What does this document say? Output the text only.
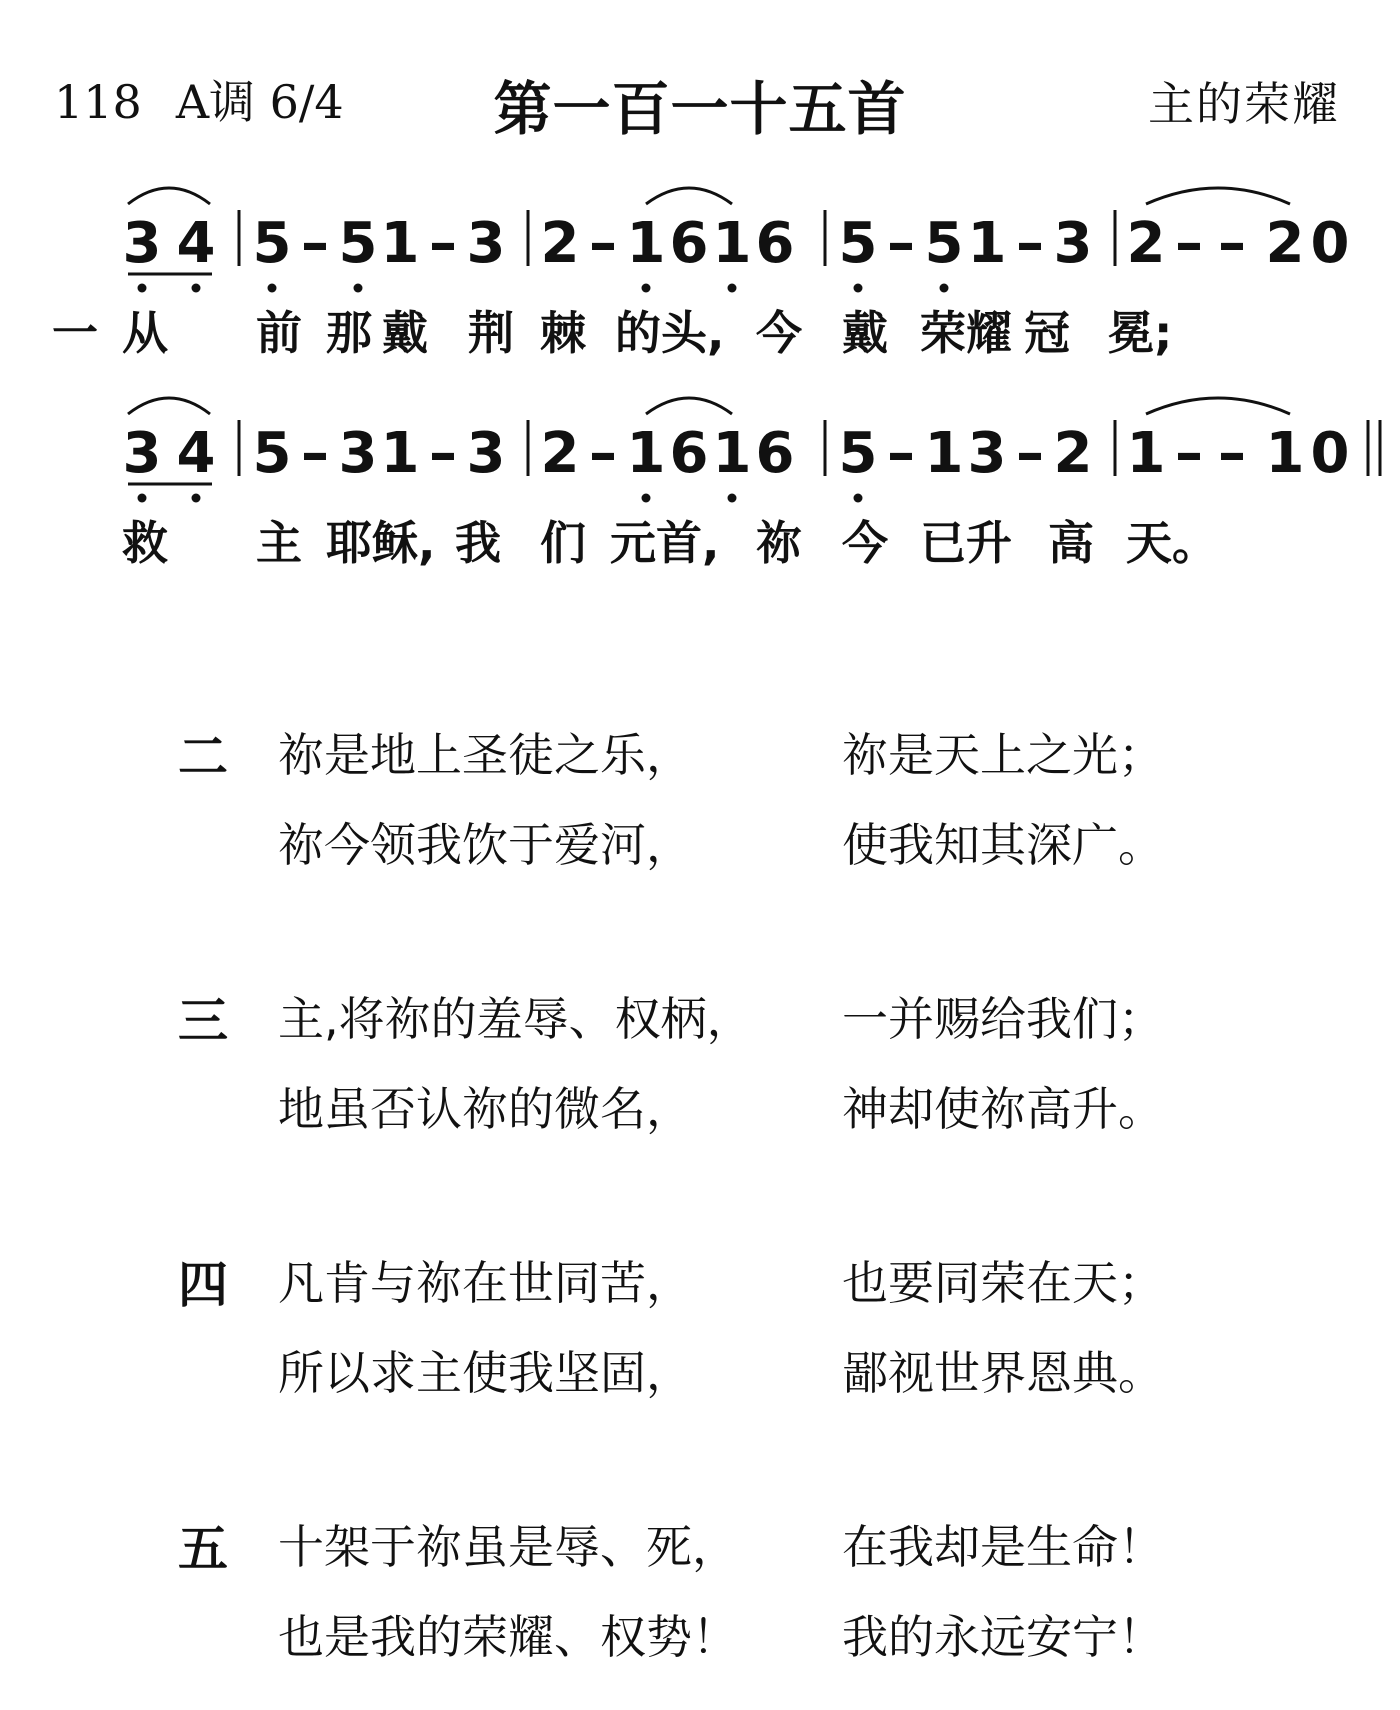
118 A调 6/4	第一百一十五首	主的荣耀
3 4 5 – 5 1 – 3 2 – 1 6 1 6 5 – 5 1 – 3 2 – – 2 0
3 4 5 – 3 1 – 3 2 – 1 6 1 6 5 – 1 3 – 2 1 – – 1 0
一 从 前 那 戴 荆 棘 的头, 今 戴 荣耀 冠 冕;
救 主 耶稣, 我 们 元首, 祢 今 已升 高 天。
二 祢是地上圣徒之乐，	祢是天上之光；
祢今领我饮于爱河，	使我知其深广。
三 主,将祢的羞辱、权柄， 一并赐给我们；
地虽否认祢的微名，	神却使祢高升。
四 凡肯与祢在世同苦，	也要同荣在天；
所以求主使我坚固，	鄙视世界恩典。
五 十架于祢虽是辱、死， 在我却是生命！
也是我的荣耀、权势！ 我的永远安宁！
